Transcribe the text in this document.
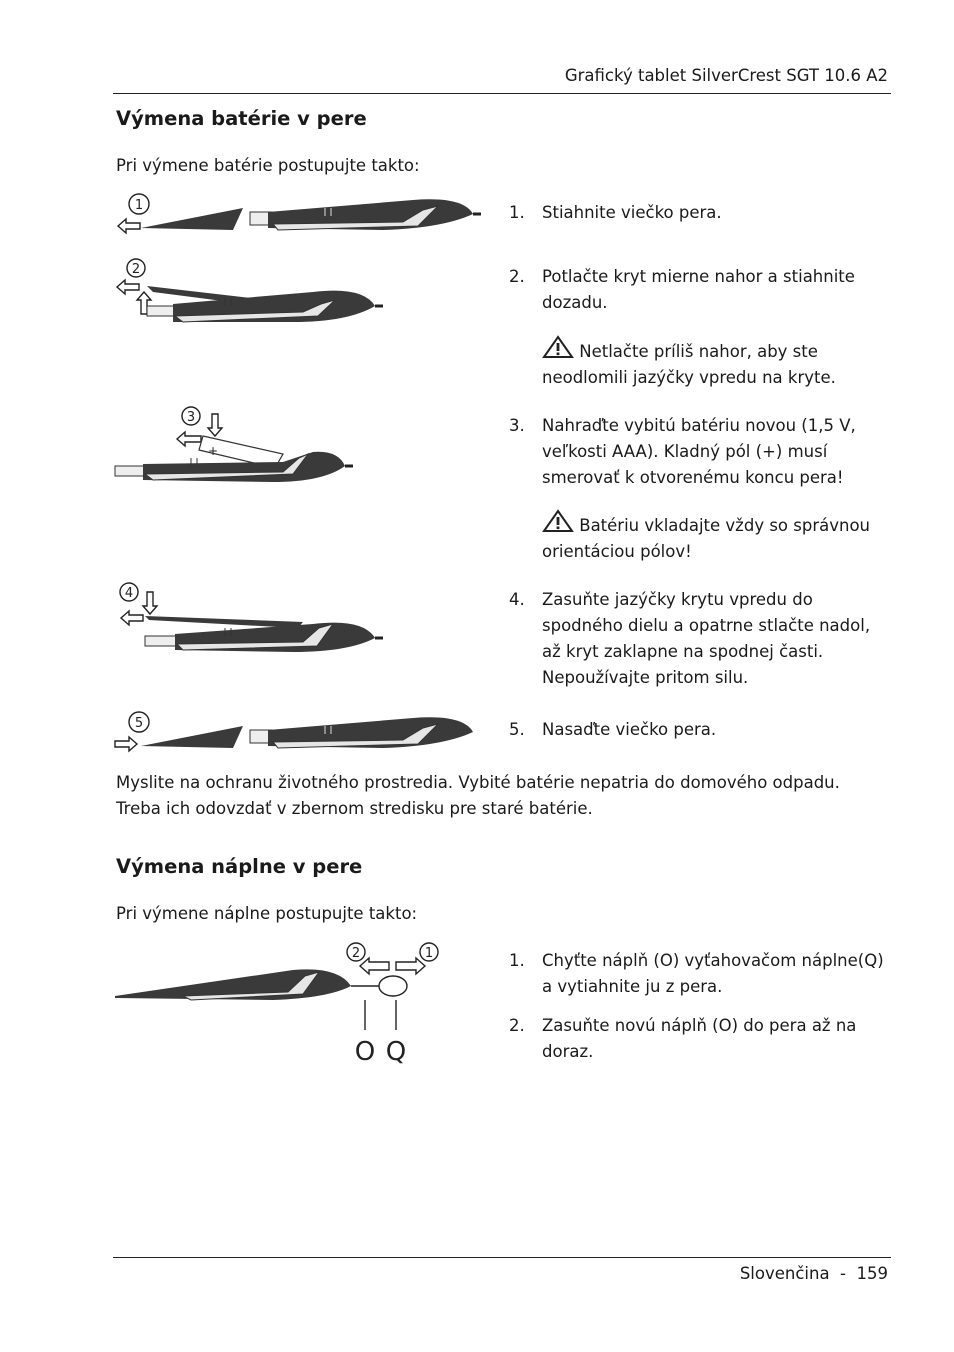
Grafický tablet SilverCrest SGT 10.6 A2
Výmena batérie v pere
Pri výmene batérie postupujte takto:
1	1. Stiahnite viečko pera.
2	2. Potlačte kryt mierne nahor a stiahnite dozadu.
Netlačte príliš nahor, aby ste neodlomili jazýčky vpredu na kryte.
3
+
3. Nahraďte vybitú batériu novou (1,5 V, veľkosti AAA). Kladný pól (+) musí smerovať k otvorenému koncu pera!
Batériu vkladajte vždy so správnou orientáciou pólov!
4	4. Zasuňte jazýčky krytu vpredu do spodného dielu a opatrne stlačte nadol, až kryt zaklapne na spodnej časti. Nepoužívajte pritom silu.
5	5. Nasaďte viečko pera.
Myslite na ochranu životného prostredia. Vybité batérie nepatria do domového odpadu. Treba ich odovzdať v zbernom stredisku pre staré batérie.
Výmena náplne v pere
Pri výmene náplne postupujte takto:
2	1
O Q
1. Chyťte náplň (O) vyťahovačom náplne(Q) a vytiahnite ju z pera.
2. Zasuňte novú náplň (O) do pera až na doraz.
Slovenčina  -  159
